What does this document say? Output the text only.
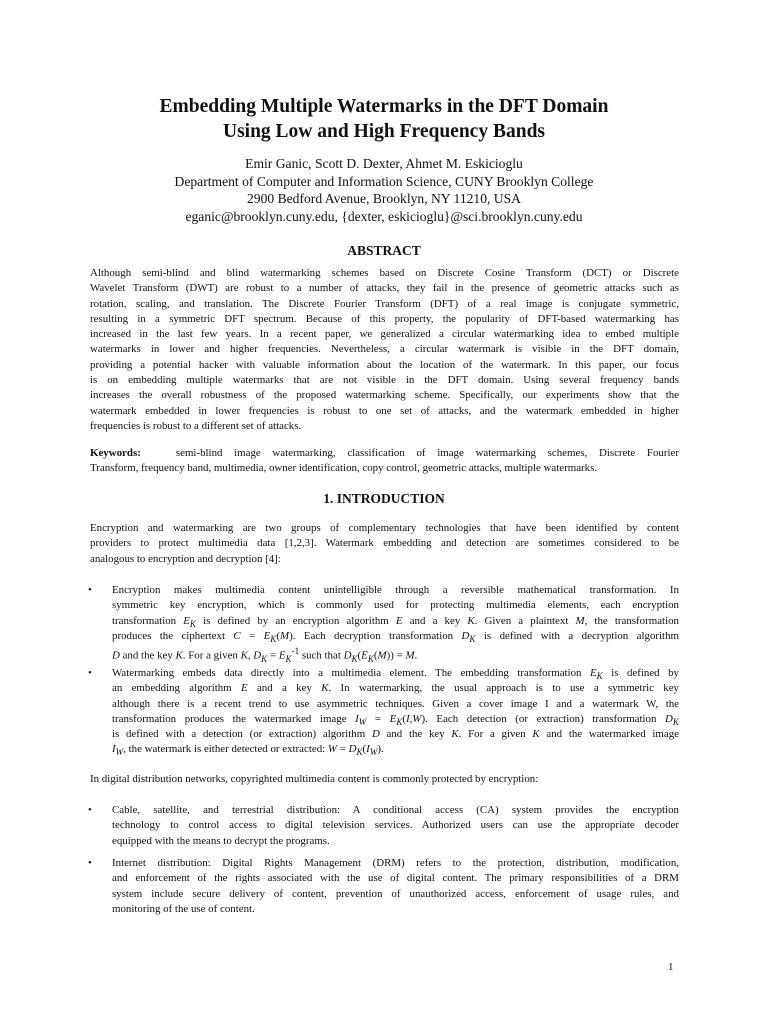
Embedding Multiple Watermarks in the DFT Domain
Using Low and High Frequency Bands
Emir Ganic, Scott D. Dexter, Ahmet M. Eskicioglu
Department of Computer and Information Science, CUNY Brooklyn College
2900 Bedford Avenue, Brooklyn, NY 11210, USA
eganic@brooklyn.cuny.edu, {dexter, eskicioglu}@sci.brooklyn.cuny.edu
ABSTRACT
Although semi-blind and blind watermarking schemes based on Discrete Cosine Transform (DCT) or Discrete
Wavelet Transform (DWT) are robust to a number of attacks, they fail in the presence of geometric attacks such as
rotation, scaling, and translation. The Discrete Fourier Transform (DFT) of a real image is conjugate symmetric,
resulting in a symmetric DFT spectrum. Because of this property, the popularity of DFT-based watermarking has
increased in the last few years. In a recent paper, we generalized a circular watermarking idea to embed multiple
watermarks in lower and higher frequencies. Nevertheless, a circular watermark is visible in the DFT domain,
providing a potential hacker with valuable information about the location of the watermark. In this paper, our focus
is on embedding multiple watermarks that are not visible in the DFT domain. Using several frequency bands
increases the overall robustness of the proposed watermarking scheme. Specifically, our experiments show that the
watermark embedded in lower frequencies is robust to one set of attacks, and the watermark embedded in higher
frequencies is robust to a different set of attacks.
Keywords:	semi-blind image watermarking, classification of image watermarking schemes, Discrete Fourier
Transform, frequency band, multimedia, owner identification, copy control, geometric attacks, multiple watermarks.
1. INTRODUCTION
Encryption and watermarking are two groups of complementary technologies that have been identified by content
providers to protect multimedia data [1,2,3]. Watermark embedding and detection are sometimes considered to be
analogous to encryption and decryption [4]:
• Encryption makes multimedia content unintelligible through a reversible mathematical transformation. In
symmetric key encryption, which is commonly used for protecting multimedia elements, each encryption
transformation $E_K$ is defined by an encryption algorithm E and a key K. Given a plaintext M, the transformation
produces the ciphertext $C = E_K(M)$. Each decryption transformation $D_K$ is defined with a decryption algorithm
D and the key K. For a given K, $D_K = E_K^{-1}$ such that $D_K(E_K(M)) = M$.
• Watermarking embeds data directly into a multimedia element. The embedding transformation $E_K$ is defined by
an embedding algorithm E and a key K. In watermarking, the usual approach is to use a symmetric key
although there is a recent trend to use asymmetric techniques. Given a cover image I and a watermark W, the
transformation produces the watermarked image $I_W = E_K(I,W)$. Each detection (or extraction) transformation $D_K$
is defined with a detection (or extraction) algorithm D and the key K. For a given K and the watermarked image
$I_W$, the watermark is either detected or extracted: $W = D_K(I_W)$.
In digital distribution networks, copyrighted multimedia content is commonly protected by encryption:
• Cable, satellite, and terrestrial distribution: A conditional access (CA) system provides the encryption
technology to control access to digital television services. Authorized users can use the appropriate decoder
equipped with the means to decrypt the programs.
• Internet distribution: Digital Rights Management (DRM) refers to the protection, distribution, modification,
and enforcement of the rights associated with the use of digital content. The primary responsibilities of a DRM
system include secure delivery of content, prevention of unauthorized access, enforcement of usage rules, and
monitoring of the use of content.
1
